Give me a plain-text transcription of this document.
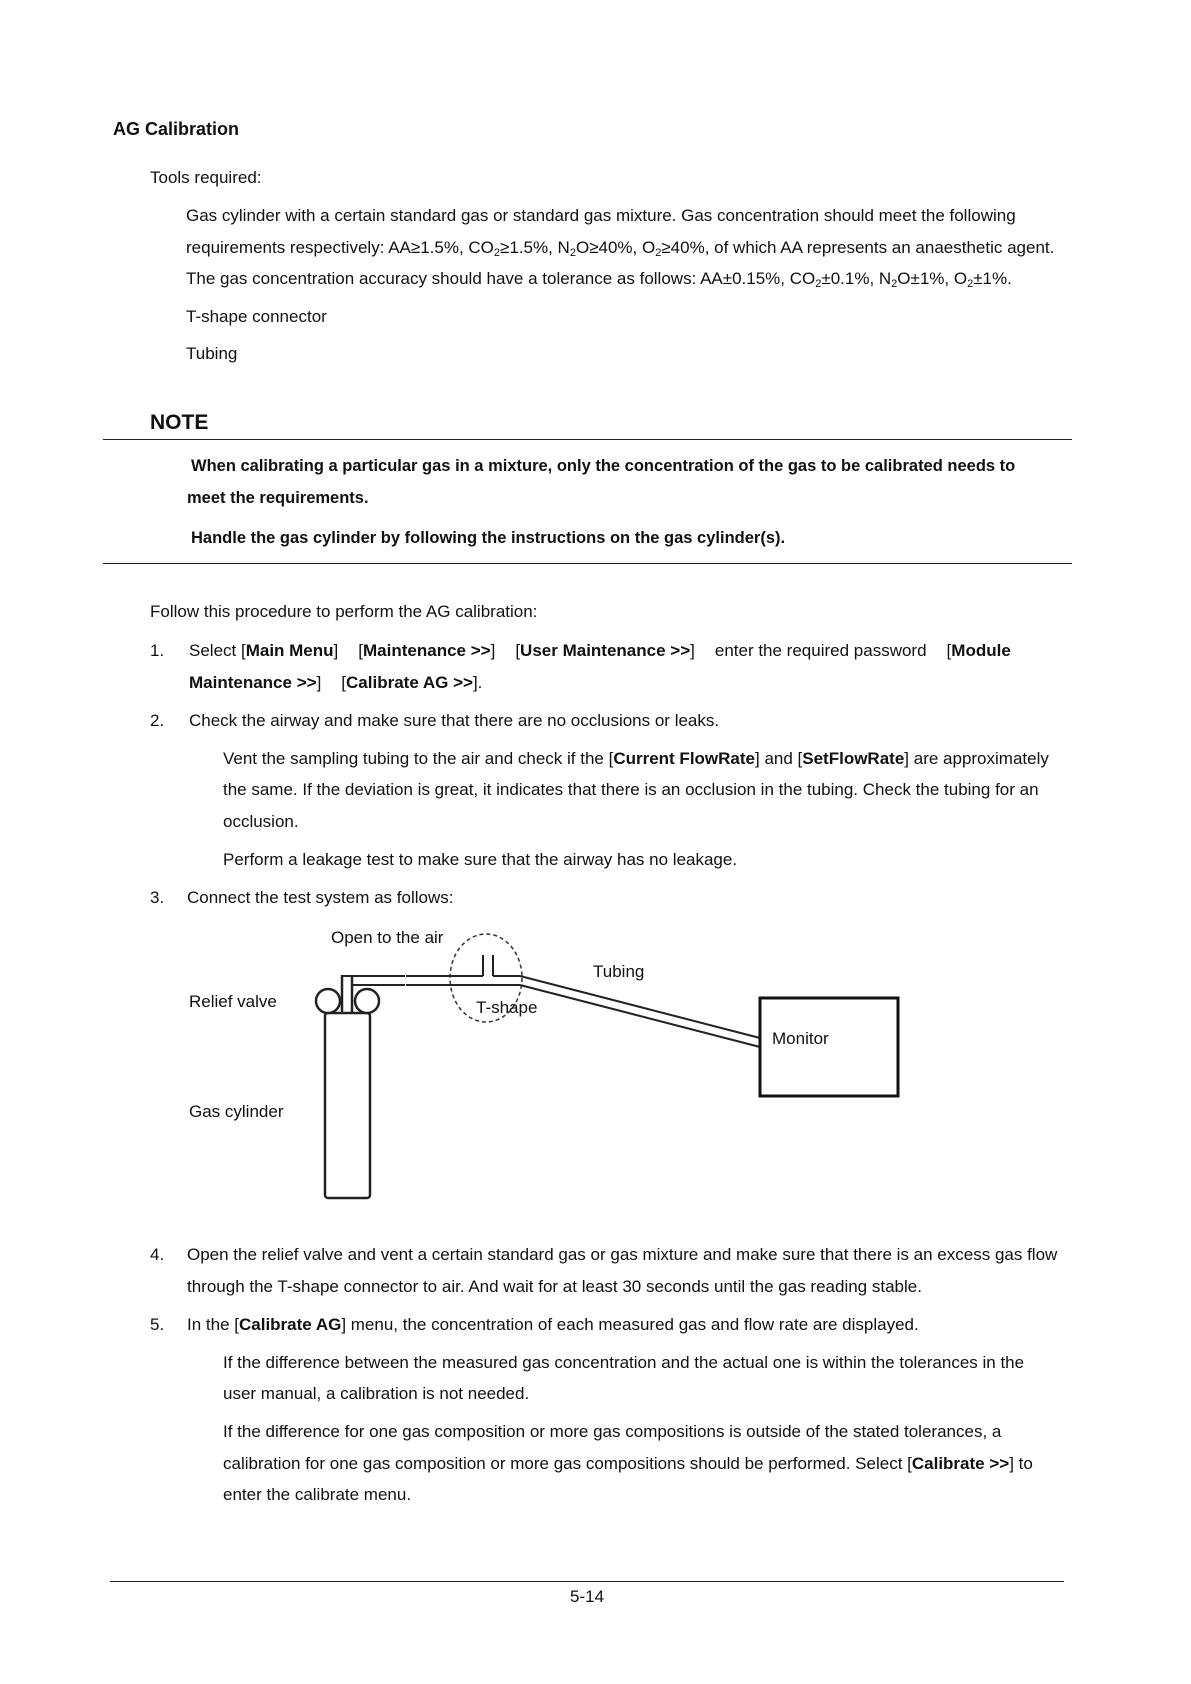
AG Calibration
Tools required:
Gas cylinder with a certain standard gas or standard gas mixture. Gas concentration should meet the following
requirements respectively: AA≥1.5%, $CO_2\ge 1.5\%$, $N_2O\ge 40\%$, $O_2\ge 40\%$, of which AA represents an anaesthetic agent.
The gas concentration accuracy should have a tolerance as follows: AA±0.15%, $CO_2\pm 0.1\%$, $N_2O\pm 1\%$, $O_2\pm 1\%$.
T-shape connector
Tubing
NOTE
When calibrating a particular gas in a mixture, only the concentration of the gas to be calibrated needs to
meet the requirements.
Handle the gas cylinder by following the instructions on the gas cylinder(s).
Follow this procedure to perform the AG calibration:
1. Select [Main Menu] [Maintenance >>] [User Maintenance >>] enter the required password [Module
Maintenance >>] [Calibrate AG >>].
2. Check the airway and make sure that there are no occlusions or leaks.
Vent the sampling tubing to the air and check if the [Current FlowRate] and [SetFlowRate] are approximately
the same. If the deviation is great, it indicates that there is an occlusion in the tubing. Check the tubing for an
occlusion.
Perform a leakage test to make sure that the airway has no leakage.
3. Connect the test system as follows:
Open to the air
Tubing
Relief valve	T-shape
Monitor
Gas cylinder
4. Open the relief valve and vent a certain standard gas or gas mixture and make sure that there is an excess gas flow
through the T-shape connector to air. And wait for at least 30 seconds until the gas reading stable.
5. In the [Calibrate AG] menu, the concentration of each measured gas and flow rate are displayed.
If the difference between the measured gas concentration and the actual one is within the tolerances in the
user manual, a calibration is not needed.
If the difference for one gas composition or more gas compositions is outside of the stated tolerances, a
calibration for one gas composition or more gas compositions should be performed. Select [Calibrate >>] to
enter the calibrate menu.
5-14
